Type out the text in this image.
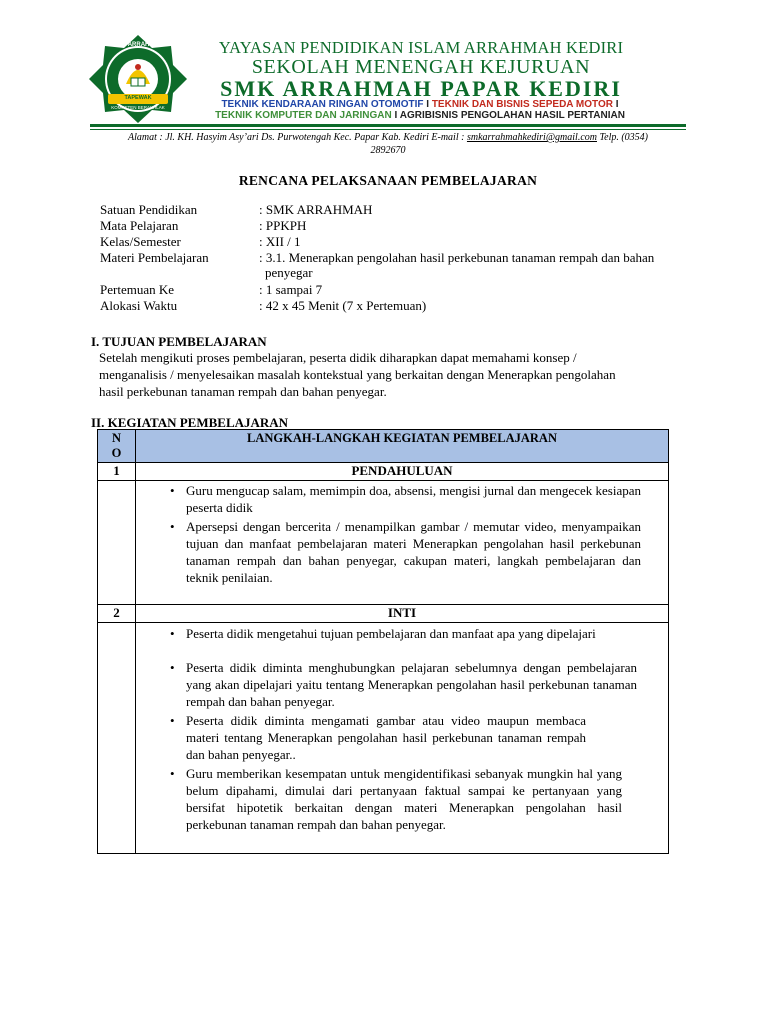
SMK ARRAHMAH
TAPEWAK
KOMPETEN BERAKHLAK
YAYASAN PENDIDIKAN ISLAM ARRAHMAH KEDIRI
SEKOLAH MENENGAH KEJURUAN
SMK ARRAHMAH PAPAR KEDIRI
TEKNIK KENDARAAN RINGAN OTOMOTIF I TEKNIK DAN BISNIS SEPEDA MOTOR I
TEKNIK KOMPUTER DAN JARINGAN I AGRIBISNIS PENGOLAHAN HASIL PERTANIAN
Alamat : Jl. KH. Hasyim Asy’ari Ds. Purwotengah Kec. Papar Kab. Kediri E-mail : smkarrahmahkediri@gmail.com Telp. (0354)
2892670
RENCANA PELAKSANAAN PEMBELAJARAN
Satuan Pendidikan	: SMK ARRAHMAH
Mata Pelajaran	: PPKPH
Kelas/Semester	: XII / 1
Materi Pembelajaran	: 3.1. Menerapkan pengolahan hasil perkebunan tanaman rempah dan bahan
penyegar
Pertemuan Ke	: 1 sampai 7
Alokasi Waktu	: 42 x 45 Menit (7 x Pertemuan)
I. TUJUAN PEMBELAJARAN
Setelah mengikuti proses pembelajaran, peserta didik diharapkan dapat memahami konsep /
menganalisis / menyelesaikan masalah kontekstual yang berkaitan dengan Menerapkan pengolahan
hasil perkebunan tanaman rempah dan bahan penyegar.
II. KEGIATAN PEMBELAJARAN
N
O
LANGKAH-LANGKAH KEGIATAN PEMBELAJARAN
1	PENDAHULUAN
• Guru mengucap salam, memimpin doa, absensi, mengisi jurnal dan mengecek kesiapan peserta didik
• Apersepsi dengan bercerita / menampilkan gambar / memutar video, menyampaikan tujuan dan manfaat pembelajaran materi Menerapkan pengolahan hasil perkebunan tanaman rempah dan bahan penyegar, cakupan materi, langkah pembelajaran dan teknik penilaian.
2	INTI
• Peserta didik mengetahui tujuan pembelajaran dan manfaat apa yang dipelajari
• Peserta didik diminta menghubungkan pelajaran sebelumnya dengan pembelajaran yang akan dipelajari yaitu tentang Menerapkan pengolahan hasil perkebunan tanaman rempah dan bahan penyegar.
• Peserta didik diminta mengamati gambar atau video maupun membaca materi tentang Menerapkan pengolahan hasil perkebunan tanaman rempah dan bahan penyegar..
• Guru memberikan kesempatan untuk mengidentifikasi sebanyak mungkin hal yang belum dipahami, dimulai dari pertanyaan faktual sampai ke pertanyaan yang bersifat hipotetik berkaitan dengan materi Menerapkan pengolahan hasil perkebunan tanaman rempah dan bahan penyegar.
